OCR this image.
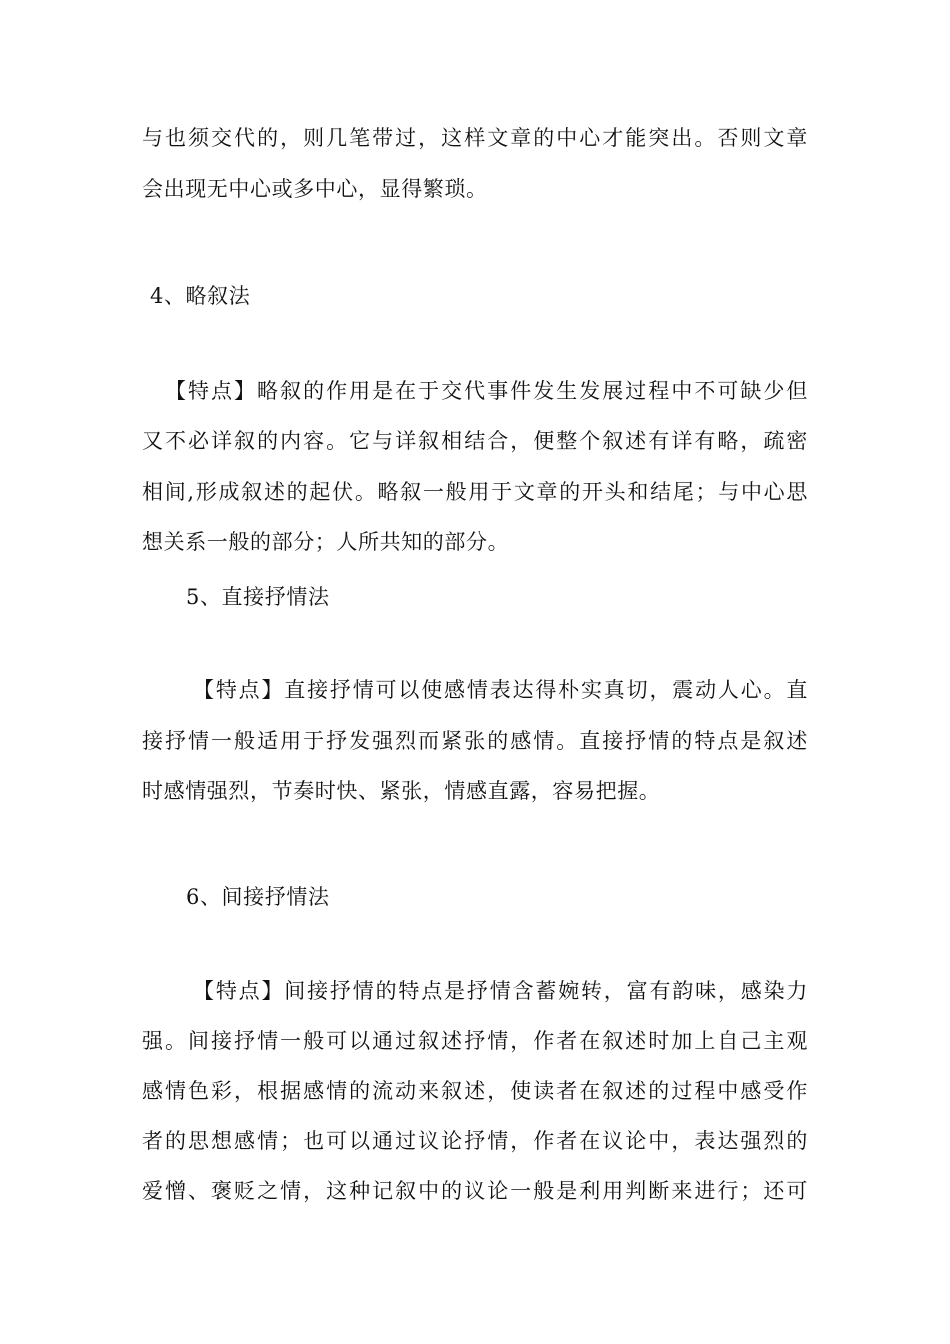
与也须交代的，则几笔带过，这样文章的中心才能突出。否则文章
会出现无中心或多中心，显得繁琐。
4、略叙法
【特点】略叙的作用是在于交代事件发生发展过程中不可缺少但
又不必详叙的内容。它与详叙相结合，便整个叙述有详有略，疏密
相间,形成叙述的起伏。略叙一般用于文章的开头和结尾；与中心思
想关系一般的部分；人所共知的部分。
5、直接抒情法
【特点】直接抒情可以使感情表达得朴实真切，震动人心。直
接抒情一般适用于抒发强烈而紧张的感情。直接抒情的特点是叙述
时感情强烈，节奏时快、紧张，情感直露，容易把握。
6、间接抒情法
【特点】间接抒情的特点是抒情含蓄婉转，富有韵味，感染力
强。间接抒情一般可以通过叙述抒情，作者在叙述时加上自己主观
感情色彩，根据感情的流动来叙述，使读者在叙述的过程中感受作
者的思想感情；也可以通过议论抒情，作者在议论中，表达强烈的
爱憎、褒贬之情，这种记叙中的议论一般是利用判断来进行；还可
